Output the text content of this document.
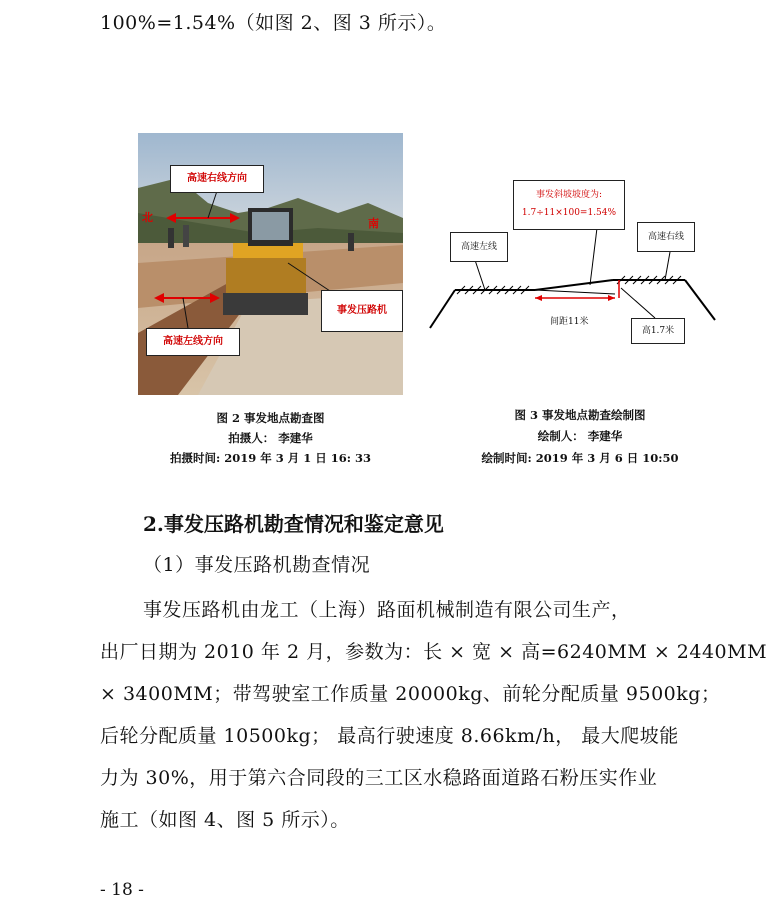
100%=1.54%（如图 2、图 3 所示）。
高速右线方向
高速左线方向
事发压路机
北	南
图 2 事发地点勘查图
拍摄人： 李建华
拍摄时间: 2019 年 3 月 1 日 16: 33
事发斜坡坡度为:
1.7÷11×100=1.54%
高速左线
高速右线
间距11米
高1.7米
图 3 事发地点勘查绘制图
绘制人： 李建华
绘制时间: 2019 年 3 月 6 日 10:50
2.事发压路机勘查情况和鉴定意见
（1）事发压路机勘查情况
事发压路机由龙工（上海）路面机械制造有限公司生产，
出厂日期为 2010 年 2 月，参数为：长 × 宽 × 高=6240MM × 2440MM
× 3400MM；带驾驶室工作质量 20000kg、前轮分配质量 9500kg；
后轮分配质量 10500kg； 最高行驶速度 8.66km/h， 最大爬坡能
力为 30%，用于第六合同段的三工区水稳路面道路石粉压实作业
施工（如图 4、图 5 所示）。
- 18 -
